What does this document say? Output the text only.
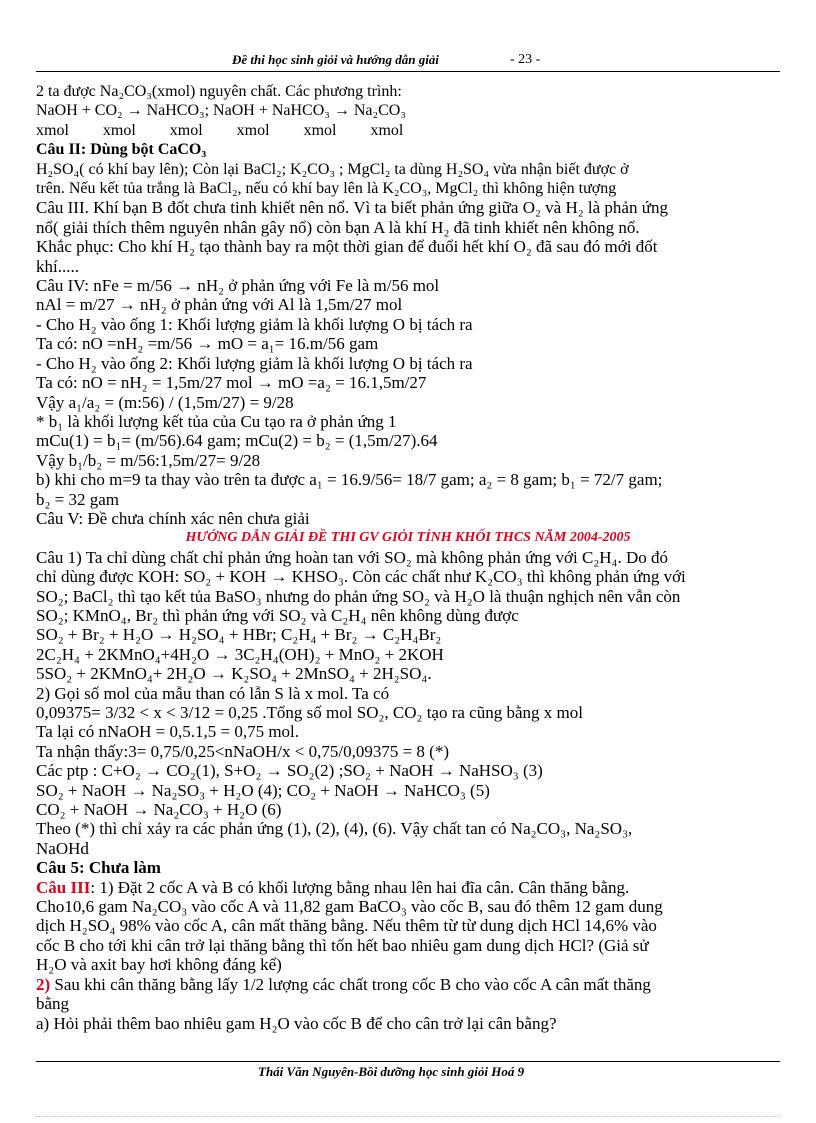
Đề thi học sinh giỏi và hướng dẫn giải	- 23 -
2 ta được Na₂CO₃(xmol) nguyên chất. Các phương trình:
NaOH + CO₂ → NaHCO₃; NaOH + NaHCO₃ → Na₂CO₃
xmol xmol xmol xmol xmol xmol
Câu II: Dùng bột CaCO₃
H₂SO₄( có khí bay lên); Còn lại BaCl₂; K₂CO₃ ; MgCl₂ ta dùng H₂SO₄ vừa nhận biết được ở
trên. Nếu kết tủa trắng là BaCl₂, nếu có khí bay lên là K₂CO₃, MgCl₂ thì không hiện tượng
Câu III. Khí bạn B đốt chưa tinh khiết nên nổ. Vì ta biết phản ứng giữa O₂ và H₂ là phản ứng
nổ( giải thích thêm nguyên nhân gây nổ) còn bạn A là khí H₂ đã tinh khiết nên không nổ.
Khắc phục: Cho khí H₂ tạo thành bay ra một thời gian để đuổi hết khí O₂ đã sau đó mới đốt
khí.....
Câu IV: nFe = m/56 → nH₂ ở phản ứng với Fe là m/56 mol
nAl = m/27 → nH₂ ở phản ứng với Al là 1,5m/27 mol
- Cho H₂ vào ống 1: Khối lượng giảm là khối lượng O bị tách ra
Ta có: nO =nH₂ =m/56 → mO = a₁= 16.m/56 gam
- Cho H₂ vào ống 2: Khối lượng giảm là khối lượng O bị tách ra
Ta có: nO = nH₂ = 1,5m/27 mol → mO =a₂ = 16.1,5m/27
Vậy a₁/a₂ = (m:56) / (1,5m/27) = 9/28
* b₁ là khối lượng kết tủa của Cu tạo ra ở phản ứng 1
mCu(1) = b₁= (m/56).64 gam; mCu(2) = b₂ = (1,5m/27).64
Vậy b₁/b₂ = m/56:1,5m/27= 9/28
b) khi cho m=9 ta thay vào trên ta được a₁ = 16.9/56= 18/7 gam; a₂ = 8 gam; b₁ = 72/7 gam;
b₂ = 32 gam
Câu V: Đề chưa chính xác nên chưa giải
HƯỚNG DẪN GIẢI ĐỀ THI GV GIỎI TỈNH KHỐI THCS NĂM 2004-2005
Câu 1) Ta chỉ dùng chất chỉ phản ứng hoàn tan với SO₂ mà không phản ứng với C₂H₄. Do đó
chỉ dùng được KOH: SO₂ + KOH → KHSO₃. Còn các chất như K₂CO₃ thì không phản ứng với
SO₂; BaCl₂ thì tạo kết tủa BaSO₃ nhưng do phản ứng SO₂ và H₂O là thuận nghịch nên vẫn còn
SO₂; KMnO₄, Br₂ thì phản ứng với SO₂ và C₂H₄ nên không dùng được
SO₂ + Br₂ + H₂O → H₂SO₄ + HBr; C₂H₄ + Br₂ → C₂H₄Br₂
2C₂H₄ + 2KMnO₄+4H₂O → 3C₂H₄(OH)₂ + MnO₂ + 2KOH
5SO₂ + 2KMnO₄+ 2H₂O → K₂SO₄ + 2MnSO₄ + 2H₂SO₄.
2) Gọi số mol của mẫu than có lẫn S là x mol. Ta có
0,09375= 3/32 < x < 3/12 = 0,25 .Tổng số mol SO₂, CO₂ tạo ra cũng bằng x mol
Ta lại có nNaOH = 0,5.1,5 = 0,75 mol.
Ta nhận thấy:3= 0,75/0,25<nNaOH/x < 0,75/0,09375 = 8 (*)
Các ptp : C+O₂ → CO₂(1), S+O₂ → SO₂(2) ;SO₂ + NaOH → NaHSO₃ (3)
SO₂ + NaOH → Na₂SO₃ + H₂O (4); CO₂ + NaOH → NaHCO₃ (5)
CO₂ + NaOH → Na₂CO₃ + H₂O (6)
Theo (*) thì chỉ xảy ra các phản ứng (1), (2), (4), (6). Vậy chất tan có Na₂CO₃, Na₂SO₃,
NaOHd
Câu 5: Chưa làm
Câu III: 1) Đặt 2 cốc A và B có khối lượng bằng nhau lên hai đĩa cân. Cân thăng bằng.
Cho10,6 gam Na₂CO₃ vào cốc A và 11,82 gam BaCO₃ vào cốc B, sau đó thêm 12 gam dung
dịch H₂SO₄ 98% vào cốc A, cân mất thăng bằng. Nếu thêm từ từ dung dịch HCl 14,6% vào
cốc B cho tới khi cân trở lại thăng bằng thì tốn hết bao nhiêu gam dung dịch HCl? (Giả sử
H₂O và axit bay hơi không đáng kể)
2) Sau khi cân thăng bằng lấy 1/2 lượng các chất trong cốc B cho vào cốc A cân mất thăng
bằng
a) Hỏi phải thêm bao nhiêu gam H₂O vào cốc B để cho cân trở lại cân bằng?
Thái Văn Nguyên-Bồi dưỡng học sinh giỏi Hoá 9
